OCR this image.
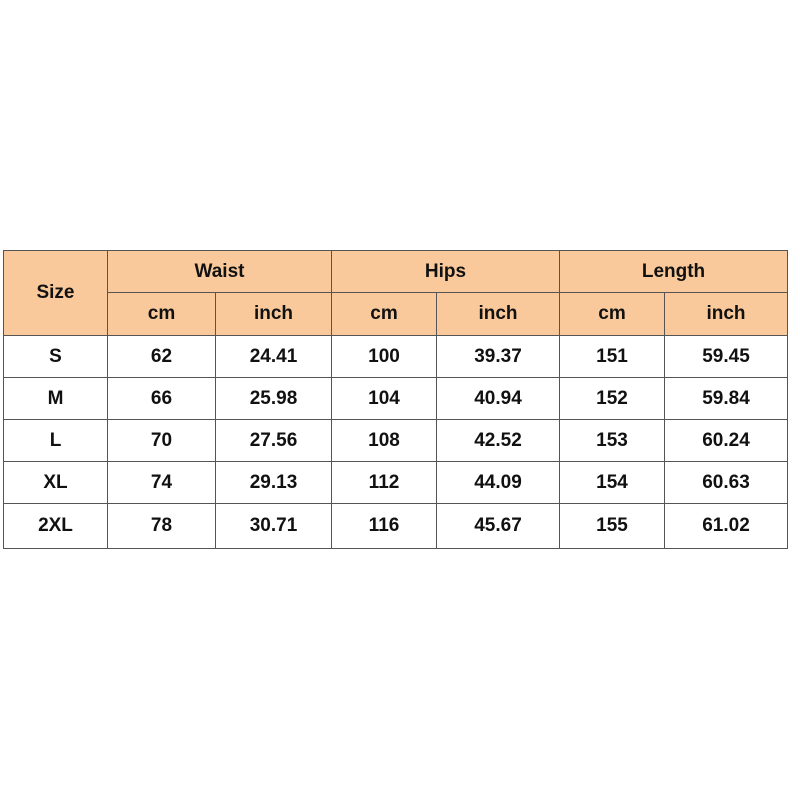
Size	Waist		Hips		Length	
	cm	inch	cm	inch	cm	inch
S	62	24.41	100	39.37	151	59.45
M	66	25.98	104	40.94	152	59.84
L	70	27.56	108	42.52	153	60.24
XL	74	29.13	112	44.09	154	60.63
2XL	78	30.71	116	45.67	155	61.02
